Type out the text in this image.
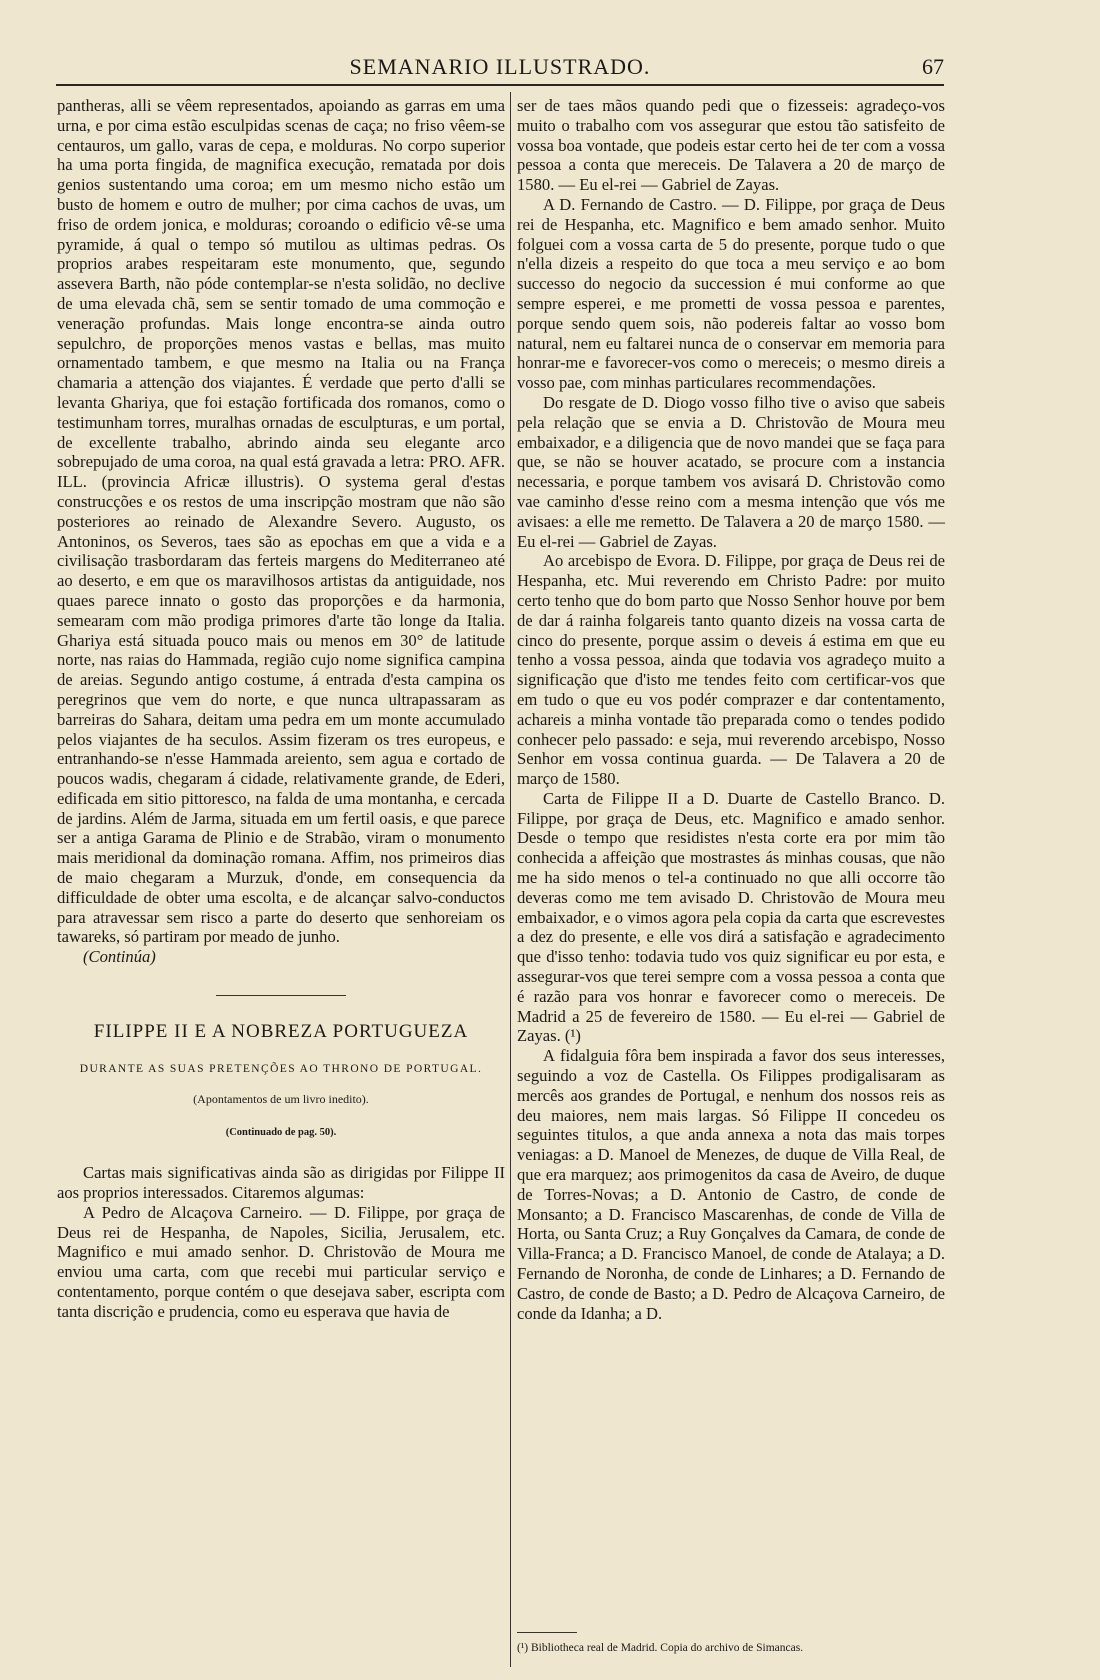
SEMANARIO ILLUSTRADO.	67

pantheras, alli se vêem representados, apoiando as garras em uma urna, e por cima estão esculpidas scenas de caça; no friso vêem-se centauros, um gallo, varas de cepa, e molduras. No corpo superior ha uma porta fingida, de magnifica execução, rematada por dois genios sustentando uma coroa; em um mesmo nicho estão um busto de homem e outro de mulher; por cima cachos de uvas, um friso de ordem jonica, e molduras; coroando o edificio vê-se uma pyramide, á qual o tempo só mutilou as ultimas pedras. Os proprios arabes respeitaram este monumento, que, segundo assevera Barth, não póde contemplar-se n'esta solidão, no declive de uma elevada chã, sem se sentir tomado de uma commoção e veneração profundas. Mais longe encontra-se ainda outro sepulchro, de proporções menos vastas e bellas, mas muito ornamentado tambem, e que mesmo na Italia ou na França chamaria a attenção dos viajantes. É verdade que perto d'alli se levanta Ghariya, que foi estação fortificada dos romanos, como o testimunham torres, muralhas ornadas de esculpturas, e um portal, de excellente trabalho, abrindo ainda seu elegante arco sobrepujado de uma coroa, na qual está gravada a letra: PRO. AFR. ILL. (provincia Africæ illustris). O systema geral d'estas construcções e os restos de uma inscripção mostram que não são posteriores ao reinado de Alexandre Severo. Augusto, os Antoninos, os Severos, taes são as epochas em que a vida e a civilisação trasbordaram das ferteis margens do Mediterraneo até ao deserto, e em que os maravilhosos artistas da antiguidade, nos quaes parece innato o gosto das proporções e da harmonia, semearam com mão prodiga primores d'arte tão longe da Italia. Ghariya está situada pouco mais ou menos em 30° de latitude norte, nas raias do Hammada, região cujo nome significa campina de areias. Segundo antigo costume, á entrada d'esta campina os peregrinos que vem do norte, e que nunca ultrapassaram as barreiras do Sahara, deitam uma pedra em um monte accumulado pelos viajantes de ha seculos. Assim fizeram os tres europeus, e entranhando-se n'esse Hammada areiento, sem agua e cortado de poucos wadis, chegaram á cidade, relativamente grande, de Ederi, edificada em sitio pittoresco, na falda de uma montanha, e cercada de jardins. Além de Jarma, situada em um fertil oasis, e que parece ser a antiga Garama de Plinio e de Strabão, viram o monumento mais meridional da dominação romana. Affim, nos primeiros dias de maio chegaram a Murzuk, d'onde, em consequencia da difficuldade de obter uma escolta, e de alcançar salvo-conductos para atravessar sem risco a parte do deserto que senhoreiam os tawareks, só partiram por meado de junho.

(Continúa)

FILIPPE II E A NOBREZA PORTUGUEZA
DURANTE AS SUAS PRETENÇÕES AO THRONO DE PORTUGAL.
(Apontamentos de um livro inedito).
(Continuado de pag. 50).

Cartas mais significativas ainda são as dirigidas por Filippe II aos proprios interessados. Citaremos algumas:

A Pedro de Alcaçova Carneiro. — D. Filippe, por graça de Deus rei de Hespanha, de Napoles, Sicilia, Jerusalem, etc. Magnifico e mui amado senhor. D. Christovão de Moura me enviou uma carta, com que recebi mui particular serviço e contentamento, porque contém o que desejava saber, escripta com tanta discrição e prudencia, como eu esperava que havia de

ser de taes mãos quando pedi que o fizesseis: agradeço-vos muito o trabalho com vos assegurar que estou tão satisfeito de vossa boa vontade, que podeis estar certo hei de ter com a vossa pessoa a conta que mereceis. De Talavera a 20 de março de 1580. — Eu el-rei — Gabriel de Zayas.

A D. Fernando de Castro. — D. Filippe, por graça de Deus rei de Hespanha, etc. Magnifico e bem amado senhor. Muito folguei com a vossa carta de 5 do presente, porque tudo o que n'ella dizeis a respeito do que toca a meu serviço e ao bom successo do negocio da succession é mui conforme ao que sempre esperei, e me prometti de vossa pessoa e parentes, porque sendo quem sois, não podereis faltar ao vosso bom natural, nem eu faltarei nunca de o conservar em memoria para honrar-me e favorecer-vos como o mereceis; o mesmo direis a vosso pae, com minhas particulares recommendações.

Do resgate de D. Diogo vosso filho tive o aviso que sabeis pela relação que se envia a D. Christovão de Moura meu embaixador, e a diligencia que de novo mandei que se faça para que, se não se houver acatado, se procure com a instancia necessaria, e porque tambem vos avisará D. Christovão como vae caminho d'esse reino com a mesma intenção que vós me avisaes: a elle me remetto. De Talavera a 20 de março 1580. — Eu el-rei — Gabriel de Zayas.

Ao arcebispo de Evora. D. Filippe, por graça de Deus rei de Hespanha, etc. Mui reverendo em Christo Padre: por muito certo tenho que do bom parto que Nosso Senhor houve por bem de dar á rainha folgareis tanto quanto dizeis na vossa carta de cinco do presente, porque assim o deveis á estima em que eu tenho a vossa pessoa, ainda que todavia vos agradeço muito a significação que d'isto me tendes feito com certificar-vos que em tudo o que eu vos podér comprazer e dar contentamento, achareis a minha vontade tão preparada como o tendes podido conhecer pelo passado: e seja, mui reverendo arcebispo, Nosso Senhor em vossa continua guarda. — De Talavera a 20 de março de 1580.

Carta de Filippe II a D. Duarte de Castello Branco. D. Filippe, por graça de Deus, etc. Magnifico e amado senhor. Desde o tempo que residistes n'esta corte era por mim tão conhecida a affeição que mostrastes ás minhas cousas, que não me ha sido menos o tel-a continuado no que alli occorre tão deveras como me tem avisado D. Christovão de Moura meu embaixador, e o vimos agora pela copia da carta que escrevestes a dez do presente, e elle vos dirá a satisfação e agradecimento que d'isso tenho: todavia tudo vos quiz significar eu por esta, e assegurar-vos que terei sempre com a vossa pessoa a conta que é razão para vos honrar e favorecer como o mereceis. De Madrid a 25 de fevereiro de 1580. — Eu el-rei — Gabriel de Zayas. (¹)

A fidalguia fôra bem inspirada a favor dos seus interesses, seguindo a voz de Castella. Os Filippes prodigalisaram as mercês aos grandes de Portugal, e nenhum dos nossos reis as deu maiores, nem mais largas. Só Filippe II concedeu os seguintes titulos, a que anda annexa a nota das mais torpes veniagas: a D. Manoel de Menezes, de duque de Villa Real, de que era marquez; aos primogenitos da casa de Aveiro, de duque de Torres-Novas; a D. Antonio de Castro, de conde de Monsanto; a D. Francisco Mascarenhas, de conde de Villa de Horta, ou Santa Cruz; a Ruy Gonçalves da Camara, de conde de Villa-Franca; a D. Francisco Manoel, de conde de Atalaya; a D. Fernando de Noronha, de conde de Linhares; a D. Fernando de Castro, de conde de Basto; a D. Pedro de Alcaçova Carneiro, de conde da Idanha; a D.

(¹) Bibliotheca real de Madrid. Copia do archivo de Simancas.
